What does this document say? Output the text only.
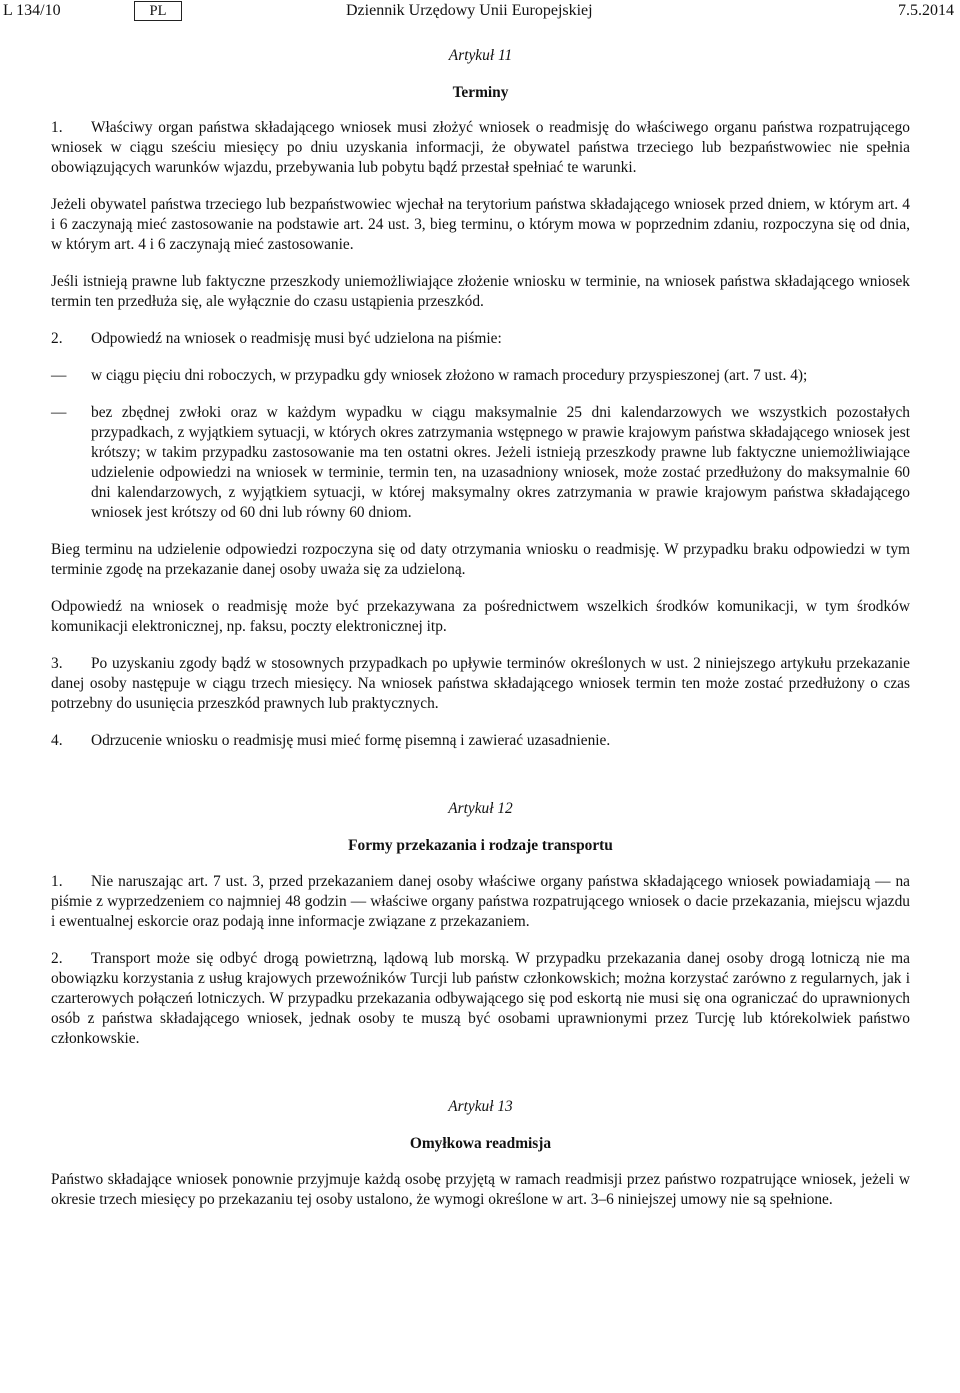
L 134/10	PL	Dziennik Urzędowy Unii Europejskiej	7.5.2014

Artykuł 11

Terminy

1. Właściwy organ państwa składającego wniosek musi złożyć wniosek o readmisję do właściwego organu państwa rozpatrującego wniosek w ciągu sześciu miesięcy po dniu uzyskania informacji, że obywatel państwa trzeciego lub bezpaństwowiec nie spełnia obowiązujących warunków wjazdu, przebywania lub pobytu bądź przestał spełniać te warunki.

Jeżeli obywatel państwa trzeciego lub bezpaństwowiec wjechał na terytorium państwa składającego wniosek przed dniem, w którym art. 4 i 6 zaczynają mieć zastosowanie na podstawie art. 24 ust. 3, bieg terminu, o którym mowa w poprzednim zdaniu, rozpoczyna się od dnia, w którym art. 4 i 6 zaczynają mieć zastosowanie.

Jeśli istnieją prawne lub faktyczne przeszkody uniemożliwiające złożenie wniosku w terminie, na wniosek państwa składającego wniosek termin ten przedłuża się, ale wyłącznie do czasu ustąpienia przeszkód.

2. Odpowiedź na wniosek o readmisję musi być udzielona na piśmie:

— w ciągu pięciu dni roboczych, w przypadku gdy wniosek złożono w ramach procedury przyspieszonej (art. 7 ust. 4);

— bez zbędnej zwłoki oraz w każdym wypadku w ciągu maksymalnie 25 dni kalendarzowych we wszystkich pozostałych przypadkach, z wyjątkiem sytuacji, w których okres zatrzymania wstępnego w prawie krajowym państwa składającego wniosek jest krótszy; w takim przypadku zastosowanie ma ten ostatni okres. Jeżeli istnieją przeszkody prawne lub faktyczne uniemożliwiające udzielenie odpowiedzi na wniosek w terminie, termin ten, na uzasadniony wniosek, może zostać przedłużony do maksymalnie 60 dni kalendarzowych, z wyjątkiem sytuacji, w której maksymalny okres zatrzymania w prawie krajowym państwa składającego wniosek jest krótszy od 60 dni lub równy 60 dniom.

Bieg terminu na udzielenie odpowiedzi rozpoczyna się od daty otrzymania wniosku o readmisję. W przypadku braku odpowiedzi w tym terminie zgodę na przekazanie danej osoby uważa się za udzieloną.

Odpowiedź na wniosek o readmisję może być przekazywana za pośrednictwem wszelkich środków komunikacji, w tym środków komunikacji elektronicznej, np. faksu, poczty elektronicznej itp.

3. Po uzyskaniu zgody bądź w stosownych przypadkach po upływie terminów określonych w ust. 2 niniejszego artykułu przekazanie danej osoby następuje w ciągu trzech miesięcy. Na wniosek państwa składającego wniosek termin ten może zostać przedłużony o czas potrzebny do usunięcia przeszkód prawnych lub praktycznych.

4. Odrzucenie wniosku o readmisję musi mieć formę pisemną i zawierać uzasadnienie.

Artykuł 12

Formy przekazania i rodzaje transportu

1. Nie naruszając art. 7 ust. 3, przed przekazaniem danej osoby właściwe organy państwa składającego wniosek powiadamiają — na piśmie z wyprzedzeniem co najmniej 48 godzin — właściwe organy państwa rozpatrującego wniosek o dacie przekazania, miejscu wjazdu i ewentualnej eskorcie oraz podają inne informacje związane z przekazaniem.

2. Transport może się odbyć drogą powietrzną, lądową lub morską. W przypadku przekazania danej osoby drogą lotniczą nie ma obowiązku korzystania z usług krajowych przewoźników Turcji lub państw członkowskich; można korzystać zarówno z regularnych, jak i czarterowych połączeń lotniczych. W przypadku przekazania odbywającego się pod eskortą nie musi się ona ograniczać do uprawnionych osób z państwa składającego wniosek, jednak osoby te muszą być osobami uprawnionymi przez Turcję lub którekolwiek państwo członkowskie.

Artykuł 13

Omyłkowa readmisja

Państwo składające wniosek ponownie przyjmuje każdą osobę przyjętą w ramach readmisji przez państwo rozpatrujące wniosek, jeżeli w okresie trzech miesięcy po przekazaniu tej osoby ustalono, że wymogi określone w art. 3–6 niniejszej umowy nie są spełnione.
